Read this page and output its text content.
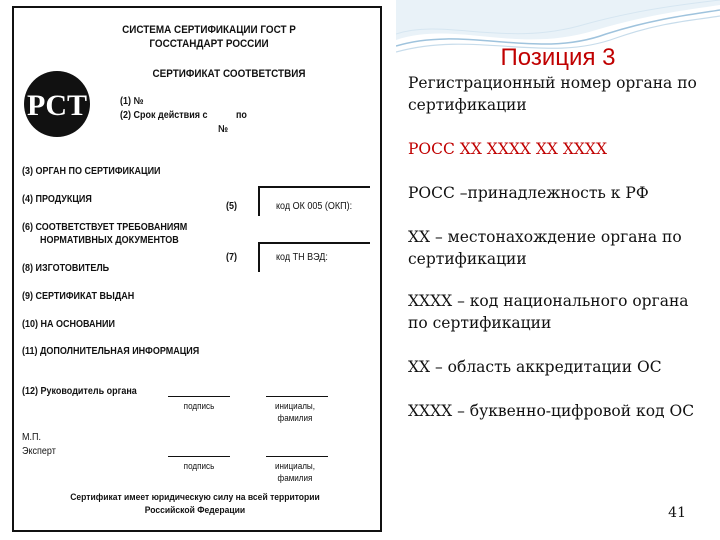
Позиция 3

Регистрационный номер органа по сертификации

РОСС XX XXXX XX XXXX

РОСС –принадлежность к РФ

ХХ – местонахождение органа по сертификации

ХХХХ – код национального органа по сертификации

ХХ – область аккредитации ОС

ХХХХ – буквенно-цифровой код ОС

41
СИСТЕМА СЕРТИФИКАЦИИ ГОСТ Р
ГОССТАНДАРТ РОССИИ
СЕРТИФИКАТ СООТВЕТСТВИЯ
PCT	(1) №
(2) Срок действия с	по
№
(3) ОРГАН ПО СЕРТИФИКАЦИИ
(4) ПРОДУКЦИЯ
(5)	код ОК 005 (ОКП):
(6) СООТВЕТСТВУЕТ ТРЕБОВАНИЯМ
НОРМАТИВНЫХ ДОКУМЕНТОВ
(7)	код ТН ВЭД:
(8) ИЗГОТОВИТЕЛЬ
(9) СЕРТИФИКАТ ВЫДАН
(10) НА ОСНОВАНИИ
(11) ДОПОЛНИТЕЛЬНАЯ ИНФОРМАЦИЯ
(12) Руководитель органа
подпись	инициалы,
фамилия
М.П.
Эксперт
подпись	инициалы,
фамилия
Сертификат имеет юридическую силу на всей территории
Российской Федерации
